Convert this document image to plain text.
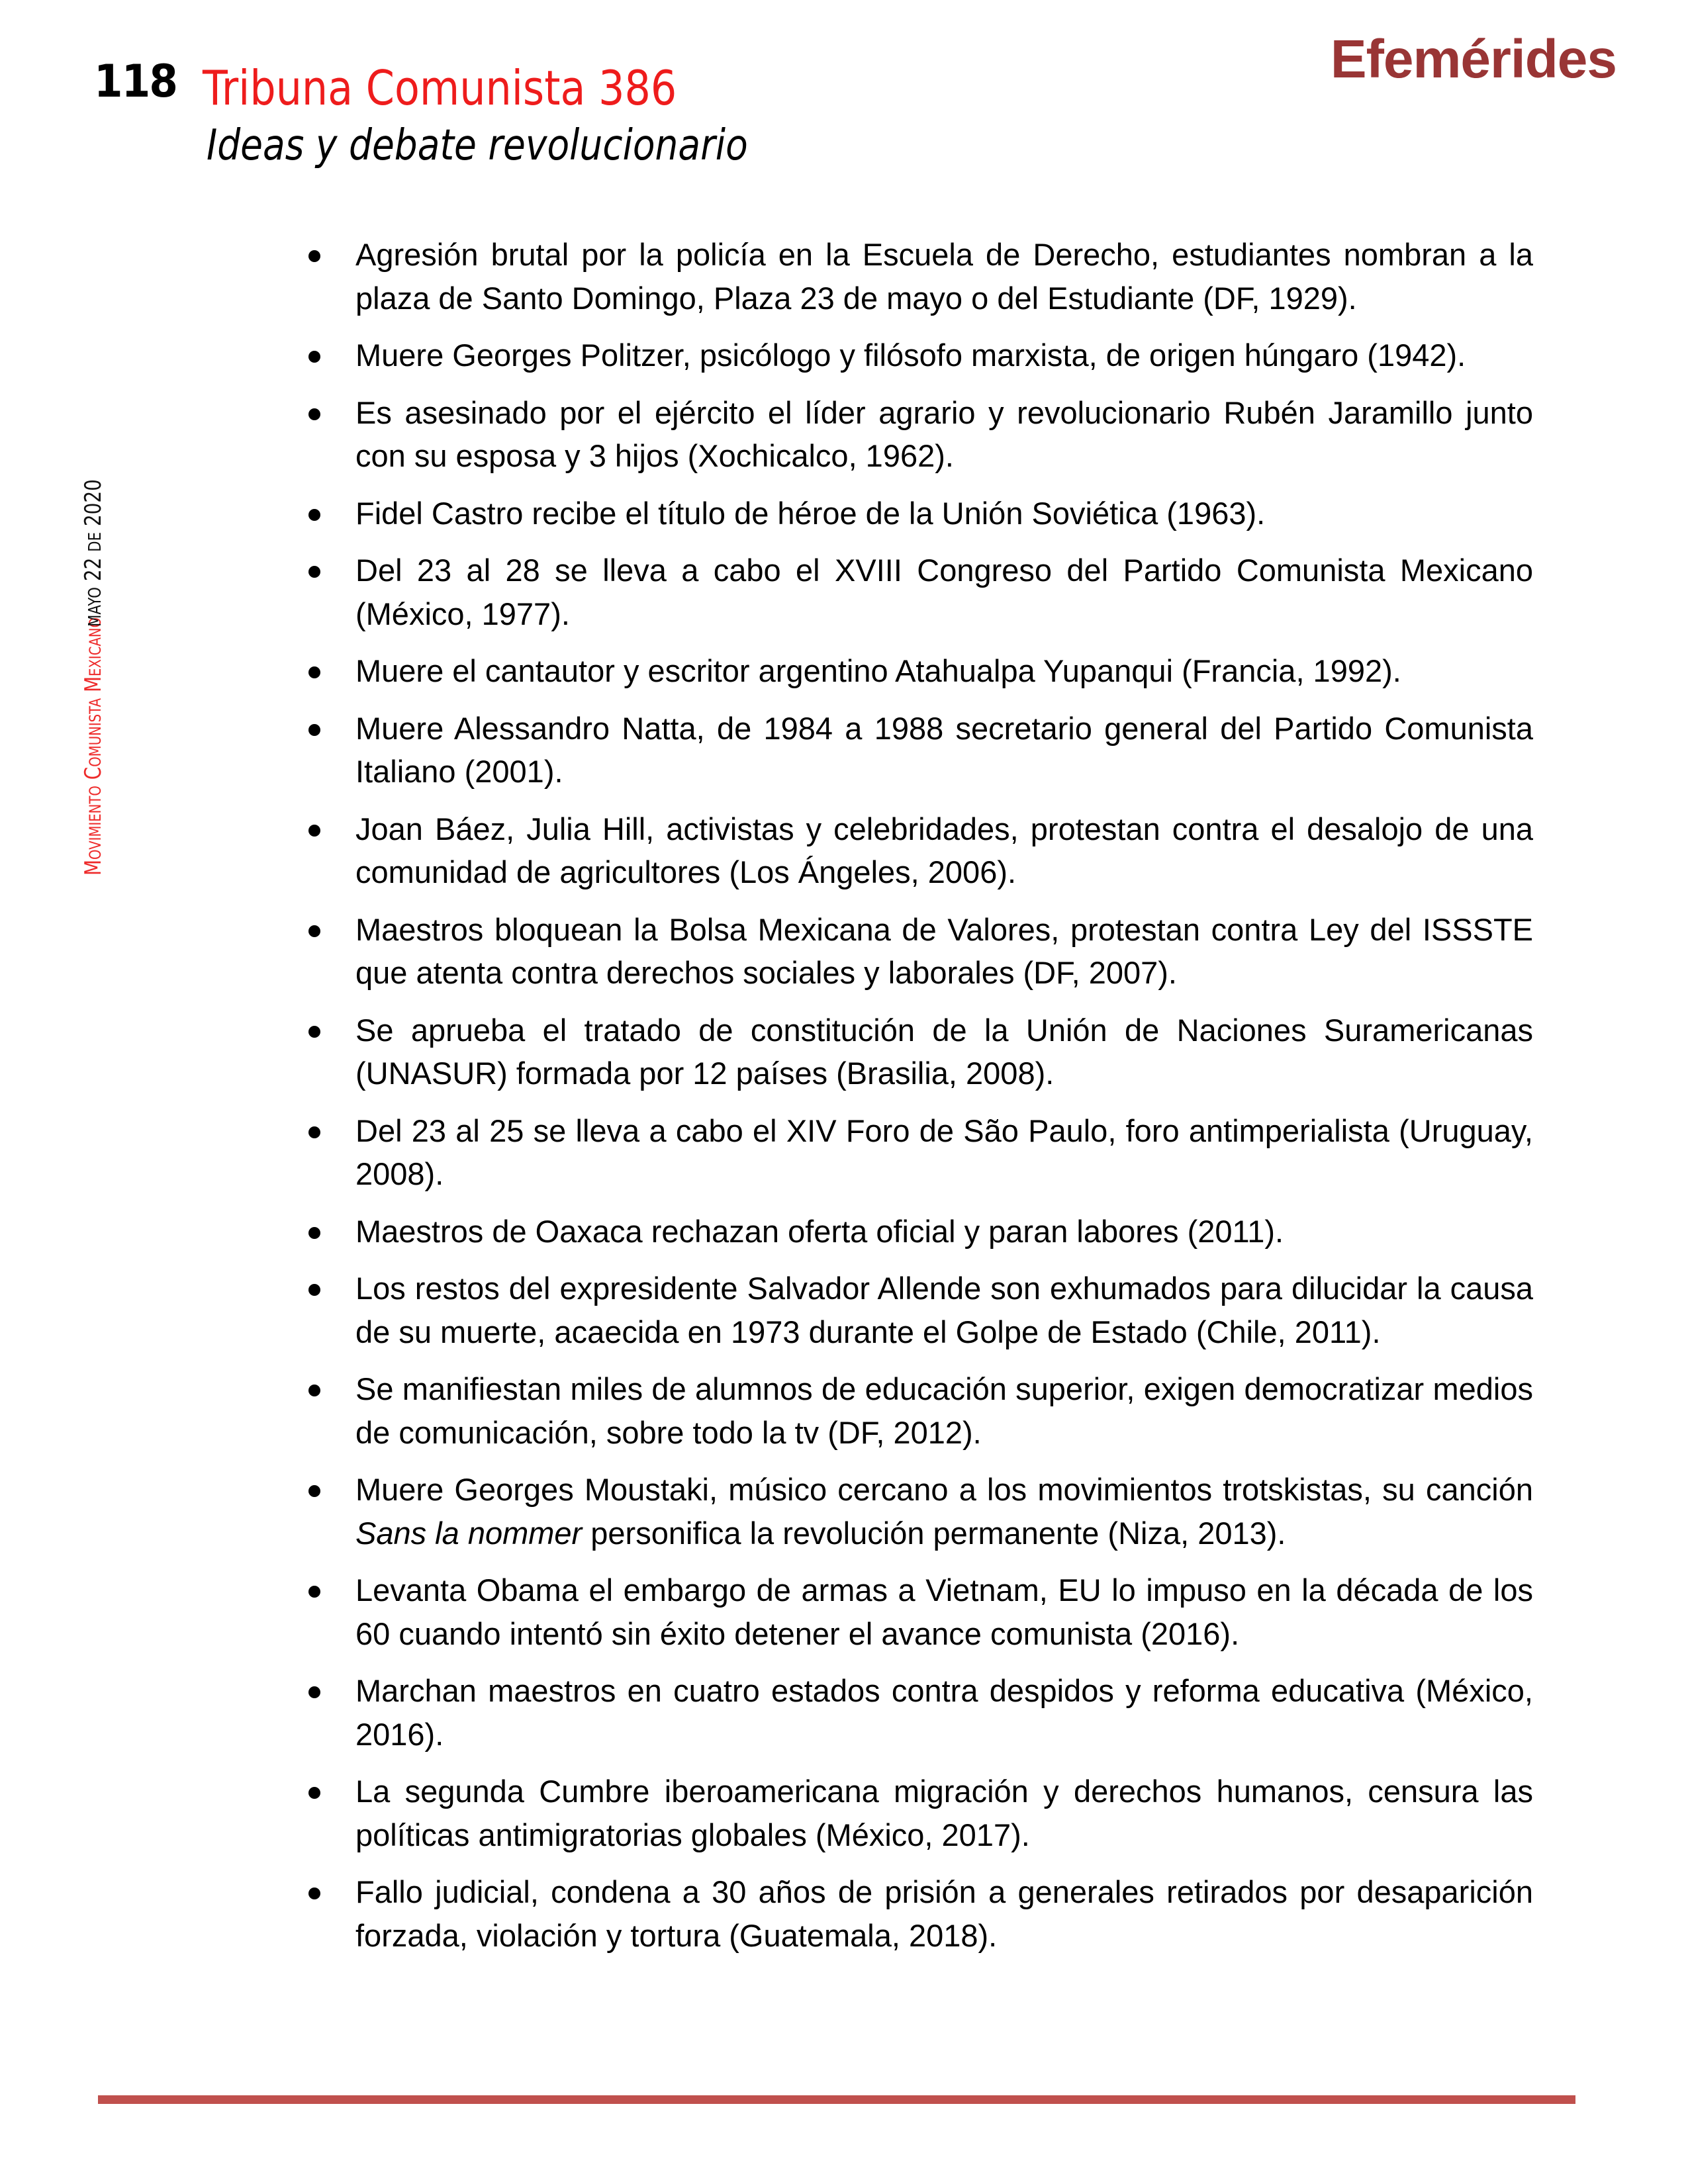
118 Tribuna Comunista 386
Ideas y debate revolucionario
Efemérides
Movimiento Comunista Mexicano
MAYO 22 DE 2020
Agresión brutal por la policía en la Escuela de Derecho, estudiantes nombran a la plaza de Santo Domingo, Plaza 23 de mayo o del Estudiante (DF, 1929).
Muere Georges Politzer, psicólogo y filósofo marxista, de origen húngaro (1942).
Es asesinado por el ejército el líder agrario y revolucionario Rubén Jaramillo junto con su esposa y 3 hijos (Xochicalco, 1962).
Fidel Castro recibe el título de héroe de la Unión Soviética (1963).
Del 23 al 28 se lleva a cabo el XVIII Congreso del Partido Comunista Mexicano (México, 1977).
Muere el cantautor y escritor argentino Atahualpa Yupanqui (Francia, 1992).
Muere Alessandro Natta, de 1984 a 1988 secretario general del Partido Comunista Italiano (2001).
Joan Báez, Julia Hill, activistas y celebridades, protestan contra el desalojo de una comunidad de agricultores (Los Ángeles, 2006).
Maestros bloquean la Bolsa Mexicana de Valores, protestan contra Ley del ISSSTE que atenta contra derechos sociales y laborales (DF, 2007).
Se aprueba el tratado de constitución de la Unión de Naciones Suramericanas (UNASUR) formada por 12 países (Brasilia, 2008).
Del 23 al 25 se lleva a cabo el XIV Foro de São Paulo, foro antimperialista (Uruguay, 2008).
Maestros de Oaxaca rechazan oferta oficial y paran labores (2011).
Los restos del expresidente Salvador Allende son exhumados para dilucidar la causa de su muerte, acaecida en 1973 durante el Golpe de Estado (Chile, 2011).
Se manifiestan miles de alumnos de educación superior, exigen democratizar medios de comunicación, sobre todo la tv (DF, 2012).
Muere Georges Moustaki, músico cercano a los movimientos trotskistas, su canción Sans la nommer personifica la revolución permanente (Niza, 2013).
Levanta Obama el embargo de armas a Vietnam, EU lo impuso en la década de los 60 cuando intentó sin éxito detener el avance comunista (2016).
Marchan maestros en cuatro estados contra despidos y reforma educativa (México, 2016).
La segunda Cumbre iberoamericana migración y derechos humanos, censura las políticas antimigratorias globales (México, 2017).
Fallo judicial, condena a 30 años de prisión a generales retirados por desaparición forzada, violación y tortura (Guatemala, 2018).
